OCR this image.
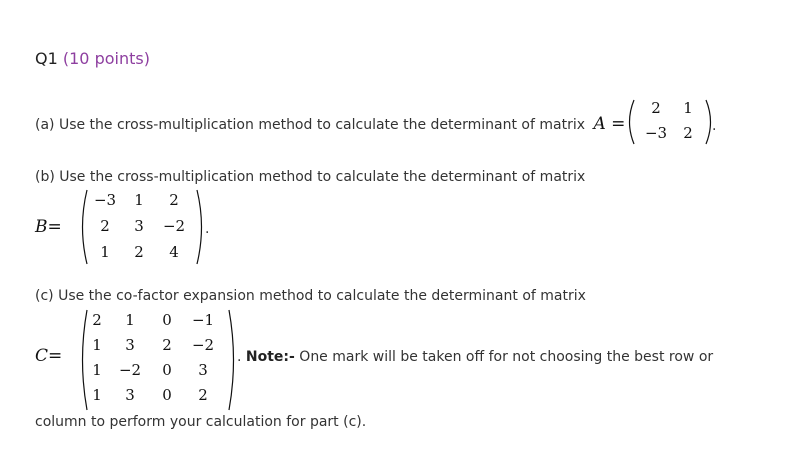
Q1 (10 points)
(a) Use the cross-multiplication method to calculate the determinant of matrix A =
2 1
−3 2 .
(b) Use the cross-multiplication method to calculate the determinant of matrix
B=
−3 1 2
2 3 −2
1 2 4
.
(c) Use the co-factor expansion method to calculate the determinant of matrix
C=
2 1 0 −1
1 3 2 −2
1 −2 0 3
1 3 0 2
. Note:- One mark will be taken off for not choosing the best row or
column to perform your calculation for part (c).
